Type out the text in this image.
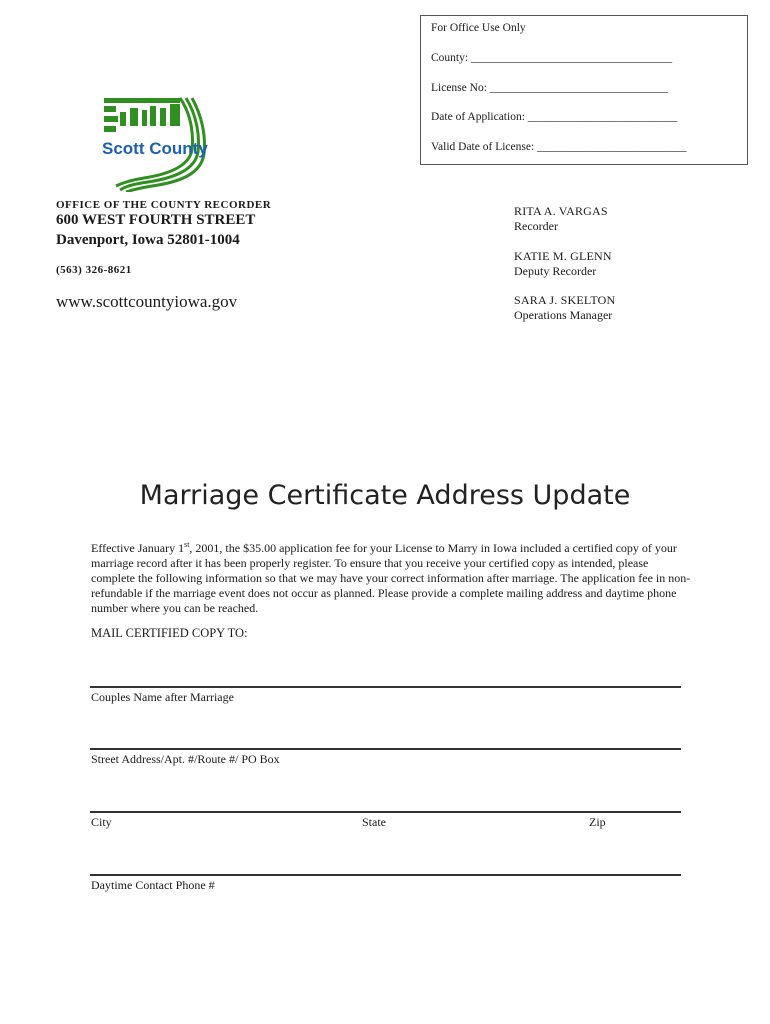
For Office Use Only
County: ___________________________________
License No: _______________________________
Date of Application: __________________________
Valid Date of License: __________________________
Scott County
OFFICE OF THE COUNTY RECORDER
600 WEST FOURTH STREET
Davenport, Iowa 52801-1004
(563) 326-8621
www.scottcountyiowa.gov
RITA A. VARGAS
Recorder
KATIE M. GLENN
Deputy Recorder
SARA J. SKELTON
Operations Manager
Marriage Certificate Address Update
Effective January 1st, 2001, the $35.00 application fee for your License to Marry in Iowa included a certified copy of your marriage record after it has been properly register. To ensure that you receive your certified copy as intended, please complete the following information so that we may have your correct information after marriage. The application fee in non-refundable if the marriage event does not occur as planned. Please provide a complete mailing address and daytime phone number where you can be reached.
MAIL CERTIFIED COPY TO:
Couples Name after Marriage
Street Address/Apt. #/Route #/ PO Box
City	State	Zip
Daytime Contact Phone #
